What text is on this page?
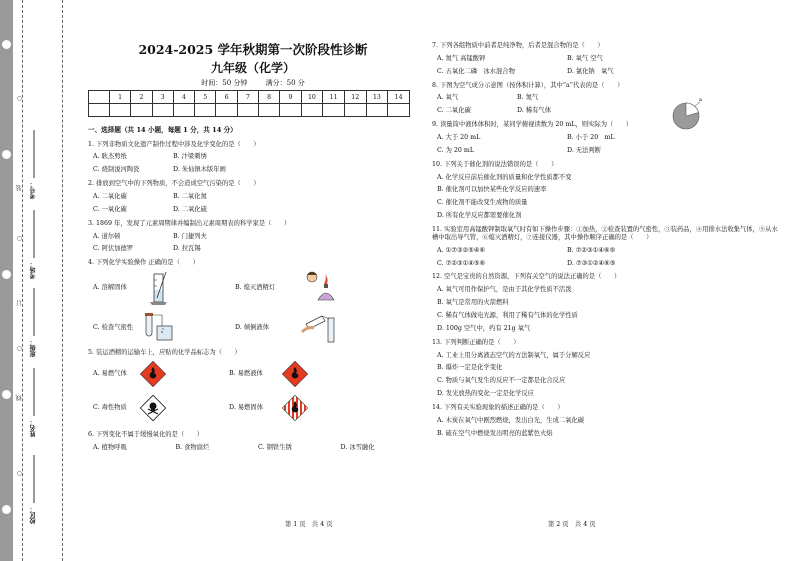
○
装
○
订
○
线
○
考号：
考场：
班级：
姓名：
校区：
2024-2025 学年秋期第一次阶段性诊断
九年级（化学）
时间：50 分钟	满分：50 分
	1	2	3	4	5	6	7	8	9	10	11	12	13	14

一、选择题（共 14 小题，每题 1 分，共 14 分）
1. 下列非物质文化遗产制作过程中涉及化学变化的是（　　）
A. 耿杰剪纸	B. 汴梁刺绣
C. 烧制浚河陶瓷	D. 朱仙镇木版年画
2. 排放到空气中的下列物质，不会造成空气污染的是（　　）
A. 二氧化碳	B. 二氧化氮
C. 一氧化碳	D. 二氧化硫
3. 1869 年，发现了元素周期律并编制出元素周期表的科学家是（　　）
A. 道尔顿	B. 门捷列夫
C. 阿伏加德罗	D. 拉瓦锡
4. 下列化学实验操作 正确的是（　　）
A. 溶解固体	B. 熄灭酒精灯
C. 检查气密性	D. 倾倒液体
5. 装运酒精的运输车上，应贴的化学品标志为（　　）
A. 易燃气体	B. 易燃液体
C. 毒性物质	D. 易燃固体
6. 下列变化不属于缓慢氧化的是（　　）
A. 植物呼吸	B. 食物腐烂	C. 钢铁生锈	D. 冰雪融化
7. 下列各组物质中前者是纯净物，后者是混合物的是（　　）
A. 氮气 高锰酸钾	B. 氧气 空气
C. 五氧化二磷　冰水混合物	D. 氯化钠　氧气
8. 下图为空气成分示意图（按体积计算），其中“a”代表的是（　　）
A. 氧气	B. 氮气
C. 二氧化碳	D. 稀有气体
9. 读量筒中液体体积时，某同学俯视读数为 20 mL，则实际为（　　）
A. 大于 20 mL	B. 小于 20　mL
C. 为 20 mL	D. 无法判断
10. 下列关于催化剂的说法错误的是（　　）
A. 化学反应前后催化剂的质量和化学性质都不变
B. 催化剂可以加快某些化学反应的速率
C. 催化剂不能改变生成物的质量
D. 所有化学反应都需要催化剂
11. 实验室用高锰酸钾制取氧气时有如下操作步骤：①加热，②检查装置的气密性，③装药品，④用排水法收集气体，⑤从水槽中取出导气管，⑥熄灭酒精灯，⑦连接仪器，其中操作顺序正确的是（　　）
A. ①⑦③②⑤④⑥	B. ⑦②③①④⑥⑤
C. ⑦②③①④⑤⑥	D. ⑦③①②④⑥⑤
12. 空气是宝贵的自然资源，下列有关空气的说法正确的是（　　）
A. 氧气可用作保护气，是由于其化学性质不活泼
B. 氧气是常用的火箭燃料
C. 稀有气体做电光源，利用了稀有气体的化学性质
D. 100g 空气中，约有 21g 氧气
13. 下列判断正确的是（　　）
A. 工业上用分离液态空气的方法制氧气，属于分解反应
B. 爆炸一定是化学变化
C. 物质与氧气发生的反应不一定都是化合反应
D. 发光放热的变化一定是化学反应
14. 下列有关实验现象的描述正确的是（　　）
A. 木炭在氧气中剧烈燃烧，发出白光，生成二氧化碳
B. 硫在空气中燃烧发出明亮的蓝紫色火焰
a
第 1 页　共 4 页	第 2 页　共 4 页
